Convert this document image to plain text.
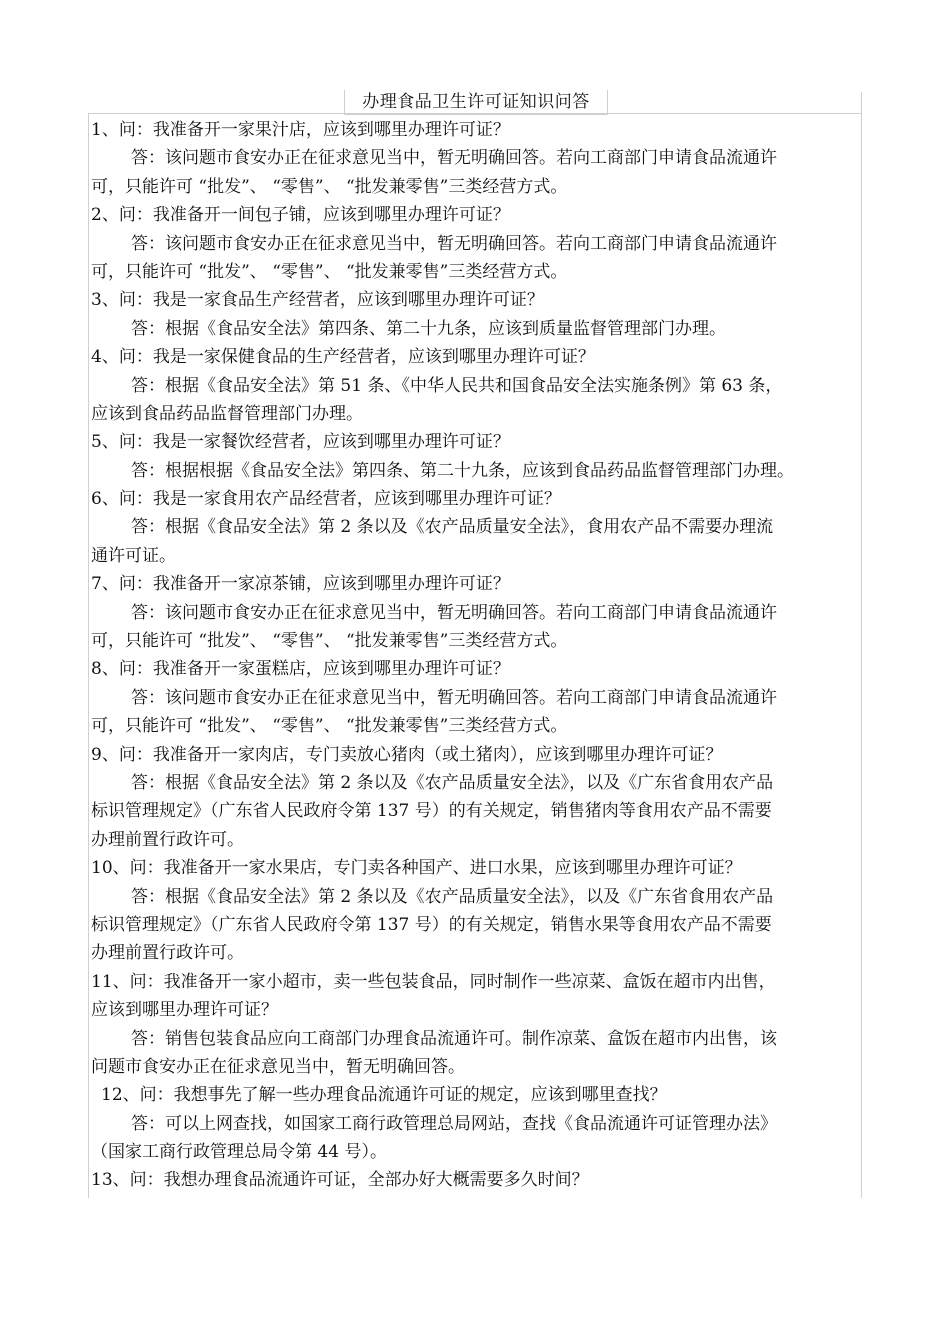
办理食品卫生许可证知识问答
1、问：我准备开一家果汁店，应该到哪里办理许可证？
答：该问题市食安办正在征求意见当中，暂无明确回答。若向工商部门申请食品流通许
可，只能许可 “批发”、 “零售”、 “批发兼零售”三类经营方式。
2、问：我准备开一间包子铺，应该到哪里办理许可证？
答：该问题市食安办正在征求意见当中，暂无明确回答。若向工商部门申请食品流通许
可，只能许可 “批发”、 “零售”、 “批发兼零售”三类经营方式。
3、问：我是一家食品生产经营者，应该到哪里办理许可证？
答：根据《食品安全法》第四条、第二十九条，应该到质量监督管理部门办理。
4、问：我是一家保健食品的生产经营者，应该到哪里办理许可证？
答：根据《食品安全法》第 51 条、《中华人民共和国食品安全法实施条例》第 63 条，
应该到食品药品监督管理部门办理。
5、问：我是一家餐饮经营者，应该到哪里办理许可证？
答：根据根据《食品安全法》第四条、第二十九条，应该到食品药品监督管理部门办理。
6、问：我是一家食用农产品经营者，应该到哪里办理许可证？
答：根据《食品安全法》第 2 条以及《农产品质量安全法》，食用农产品不需要办理流
通许可证。
7、问：我准备开一家凉茶铺，应该到哪里办理许可证？
答：该问题市食安办正在征求意见当中，暂无明确回答。若向工商部门申请食品流通许
可，只能许可 “批发”、 “零售”、 “批发兼零售”三类经营方式。
8、问：我准备开一家蛋糕店，应该到哪里办理许可证？
答：该问题市食安办正在征求意见当中，暂无明确回答。若向工商部门申请食品流通许
可，只能许可 “批发”、 “零售”、 “批发兼零售”三类经营方式。
9、问：我准备开一家肉店，专门卖放心猪肉（或土猪肉），应该到哪里办理许可证？
答：根据《食品安全法》第 2 条以及《农产品质量安全法》，以及《广东省食用农产品
标识管理规定》（广东省人民政府令第 137 号）的有关规定，销售猪肉等食用农产品不需要
办理前置行政许可。
10、问：我准备开一家水果店，专门卖各种国产、进口水果，应该到哪里办理许可证？
答：根据《食品安全法》第 2 条以及《农产品质量安全法》，以及《广东省食用农产品
标识管理规定》（广东省人民政府令第 137 号）的有关规定，销售水果等食用农产品不需要
办理前置行政许可。
11、问：我准备开一家小超市，卖一些包装食品，同时制作一些凉菜、盒饭在超市内出售，
应该到哪里办理许可证？
答：销售包装食品应向工商部门办理食品流通许可。制作凉菜、盒饭在超市内出售，该
问题市食安办正在征求意见当中，暂无明确回答。
12、问：我想事先了解一些办理食品流通许可证的规定，应该到哪里查找？
答：可以上网查找，如国家工商行政管理总局网站，查找《食品流通许可证管理办法》
（国家工商行政管理总局令第 44 号）。
13、问：我想办理食品流通许可证，全部办好大概需要多久时间？
